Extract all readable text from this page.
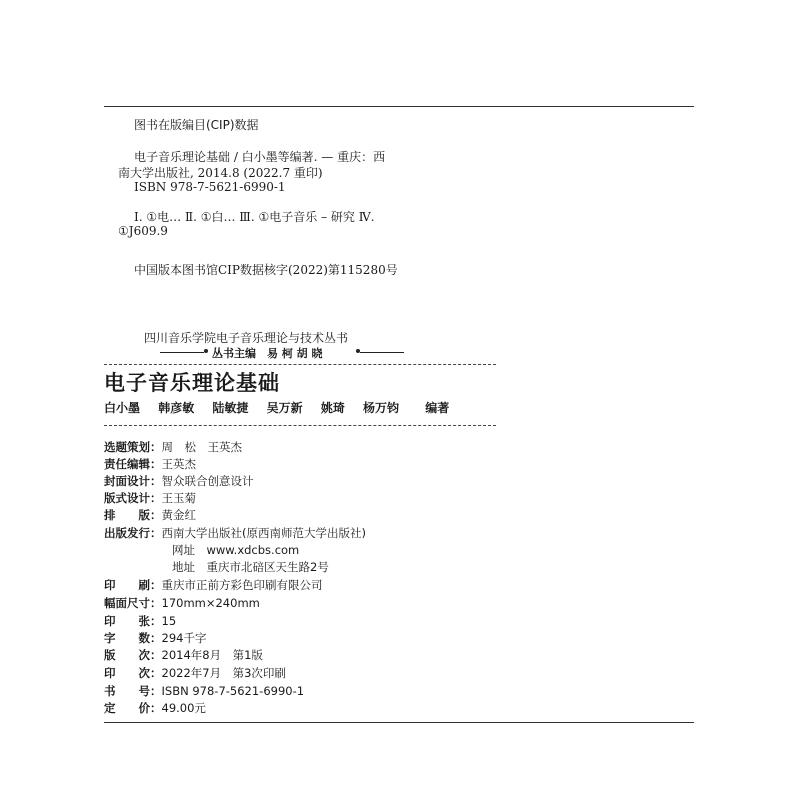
图书在版编目(CIP)数据
电子音乐理论基础 / 白小墨等编著. — 重庆：西
南大学出版社, 2014.8 (2022.7 重印)
ISBN 978-7-5621-6990-1
Ⅰ. ①电… Ⅱ. ①白… Ⅲ. ①电子音乐 – 研究 Ⅳ.
①J609.9
中国版本图书馆CIP数据核字(2022)第115280号
四川音乐学院电子音乐理论与技术丛书
丛书主编　易 柯 胡 晓
电子音乐理论基础
白小墨 韩彦敏 陆敏捷 吴万新 姚琦 杨万钧 编著
选题策划：周　松　王英杰
责任编辑：王英杰
封面设计：智众联合创意设计
版式设计：王玉菊
排　　版：黄金红
出版发行：西南大学出版社(原西南师范大学出版社)
网址　www.xdcbs.com
地址　重庆市北碚区天生路2号
印　　刷：重庆市正前方彩色印刷有限公司
幅面尺寸：170mm×240mm
印　　张：15
字　　数：294千字
版　　次：2014年8月　第1版
印　　次：2022年7月　第3次印刷
书　　号：ISBN 978-7-5621-6990-1
定　　价：49.00元
